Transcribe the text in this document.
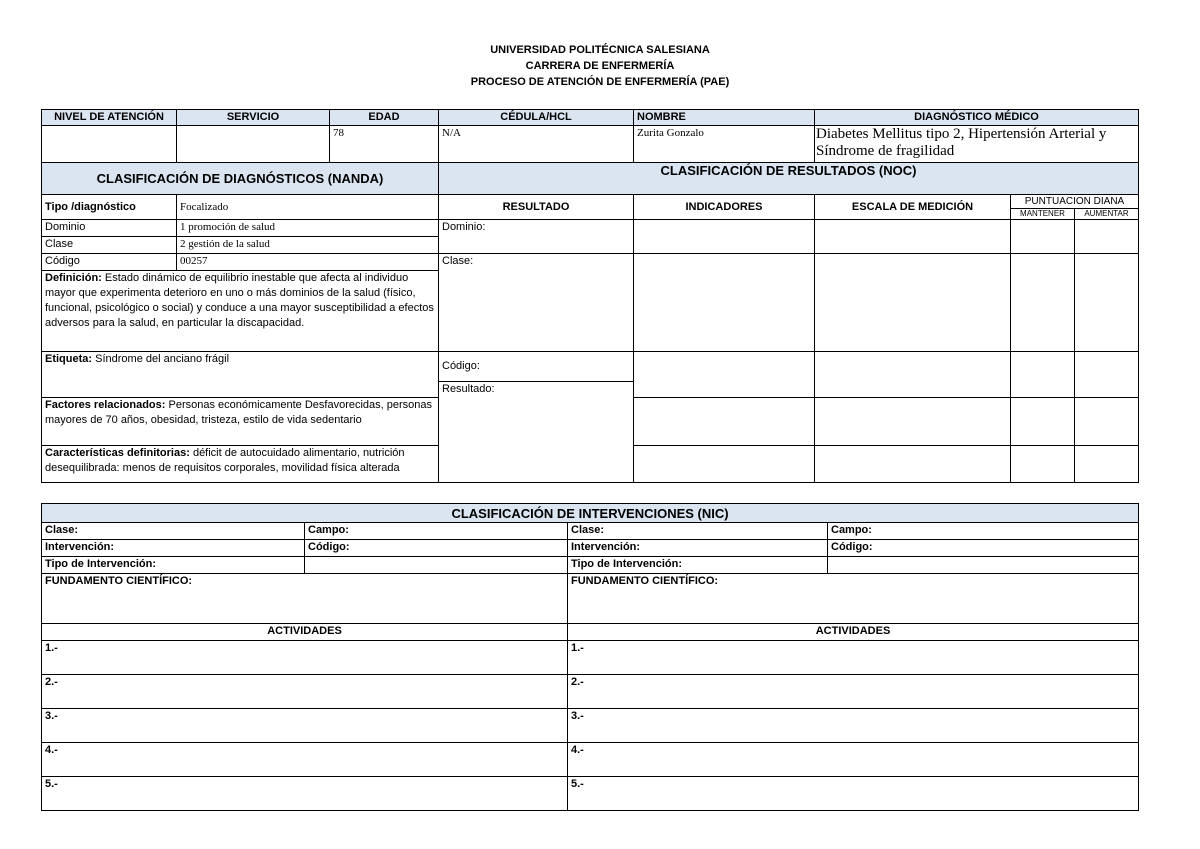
UNIVERSIDAD POLITÉCNICA SALESIANA
CARRERA DE ENFERMERÍA
PROCESO DE ATENCIÓN DE ENFERMERÍA (PAE)
NIVEL DE ATENCIÓN	SERVICIO	EDAD	CÉDULA/HCL	NOMBRE	DIAGNÓSTICO MÉDICO		
		78	N/A	Zurita Gonzalo	Diabetes Mellitus tipo 2, Hipertensión Arterial y Síndrome de fragilidad		
CLASIFICACIÓN DE DIAGNÓSTICOS (NANDA)			CLASIFICACIÓN DE RESULTADOS (NOC)				
Tipo /diagnóstico	Focalizado		RESULTADO	INDICADORES	ESCALA DE MEDICIÓN	PUNTUACION DIANA	
						MANTENER	AUMENTAR
Dominio	1 promoción de salud		Dominio:				
Clase	2 gestión de la salud						
Código	00257		Clase:				
Definición: Estado dinámico de equilibrio inestable que afecta al individuo mayor que experimenta deterioro en uno o más dominios de la salud (físico, funcional, psicológico o social) y conduce a una mayor susceptibilidad a efectos adversos para la salud, en particular la discapacidad.							
Etiqueta: Síndrome del anciano frágil			Código:				
			Resultado:				
Factores relacionados: Personas económicamente Desfavorecidas, personas mayores de 70 años, obesidad, tristeza, estilo de vida sedentario							
Características definitorias: déficit de autocuidado alimentario, nutrición desequilibrada: menos de requisitos corporales, movilidad física alterada							
CLASIFICACIÓN DE INTERVENCIONES (NIC)			
Clase:	Campo:	Clase:	Campo:
Intervención:	Código:	Intervención:	Código:
Tipo de Intervención:		Tipo de Intervención:	
FUNDAMENTO CIENTÍFICO:		FUNDAMENTO CIENTÍFICO:	
ACTIVIDADES		ACTIVIDADES	
1.-		1.-	
2.-		2.-	
3.-		3.-	
4.-		4.-	
5.-		5.-	
